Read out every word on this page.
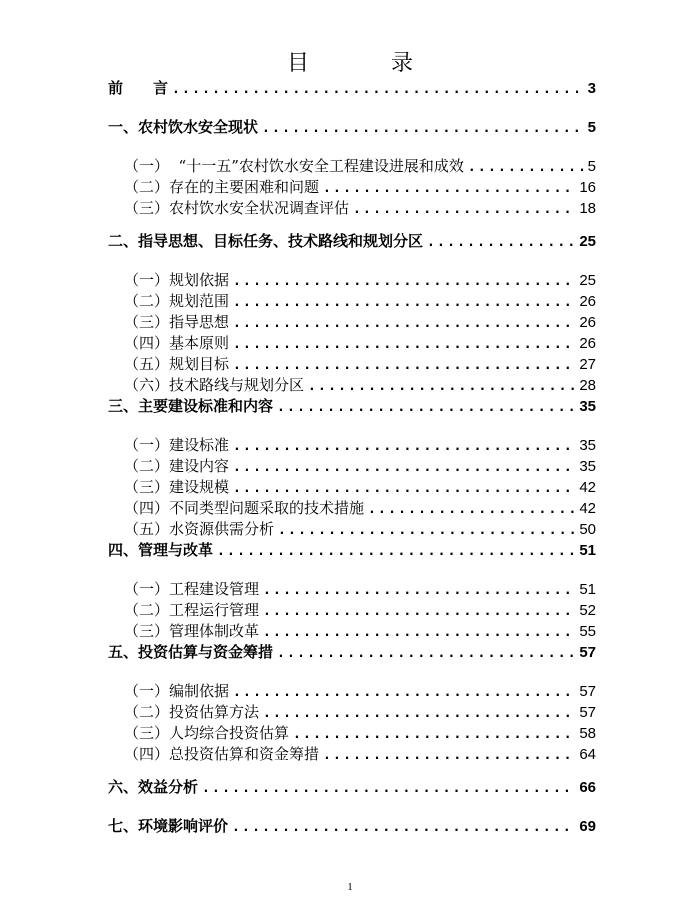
目　录
前　　言 .....	3
一、农村饮水安全现状 .....	5
（一）  “十一五”农村饮水安全工程建设进展和成效 .....	5
（二）存在的主要困难和问题 .....	16
（三）农村饮水安全状况调查评估 .....	18
二、指导思想、目标任务、技术路线和规划分区 .....	25
（一）规划依据 .....	25
（二）规划范围 .....	26
（三）指导思想 .....	26
（四）基本原则 .....	26
（五）规划目标 .....	27
（六）技术路线与规划分区 .....	28
三、主要建设标准和内容 .....	35
（一）建设标准 .....	35
（二）建设内容 .....	35
（三）建设规模 .....	42
（四）不同类型问题采取的技术措施 .....	42
（五）水资源供需分析 .....	50
四、管理与改革 .....	51
（一）工程建设管理 .....	51
（二）工程运行管理 .....	52
（三）管理体制改革 .....	55
五、投资估算与资金筹措 .....	57
（一）编制依据 .....	57
（二）投资估算方法 .....	57
（三）人均综合投资估算 .....	58
（四）总投资估算和资金筹措 .....	64
六、效益分析 .....	66
七、环境影响评价 .....	69
1
